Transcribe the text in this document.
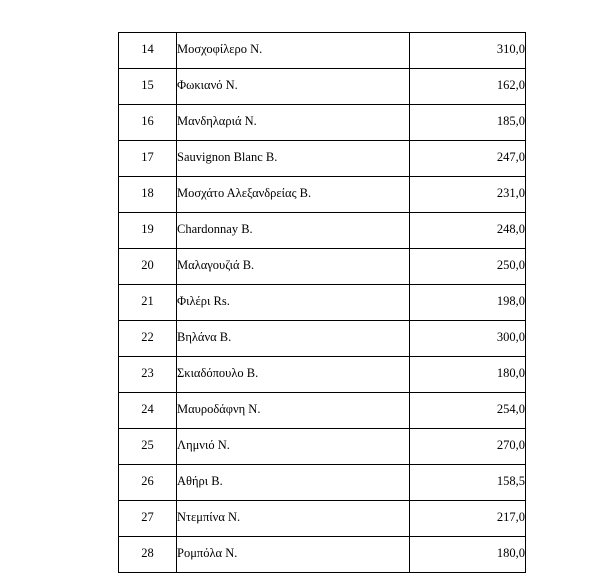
14	Μοσχοφίλερο Ν.	310,0
15	Φωκιανό Ν.	162,0
16	Μανδηλαριά Ν.	185,0
17	Sauvignon Blanc Β.	247,0
18	Μοσχάτο Αλεξανδρείας Β.	231,0
19	Chardonnay Β.	248,0
20	Μαλαγουζιά Β.	250,0
21	Φιλέρι Rs.	198,0
22	Βηλάνα Β.	300,0
23	Σκιαδόπουλο Β.	180,0
24	Μαυροδάφνη Ν.	254,0
25	Λημνιό Ν.	270,0
26	Αθήρι Β.	158,5
27	Ντεμπίνα Ν.	217,0
28	Ρομπόλα Ν.	180,0
